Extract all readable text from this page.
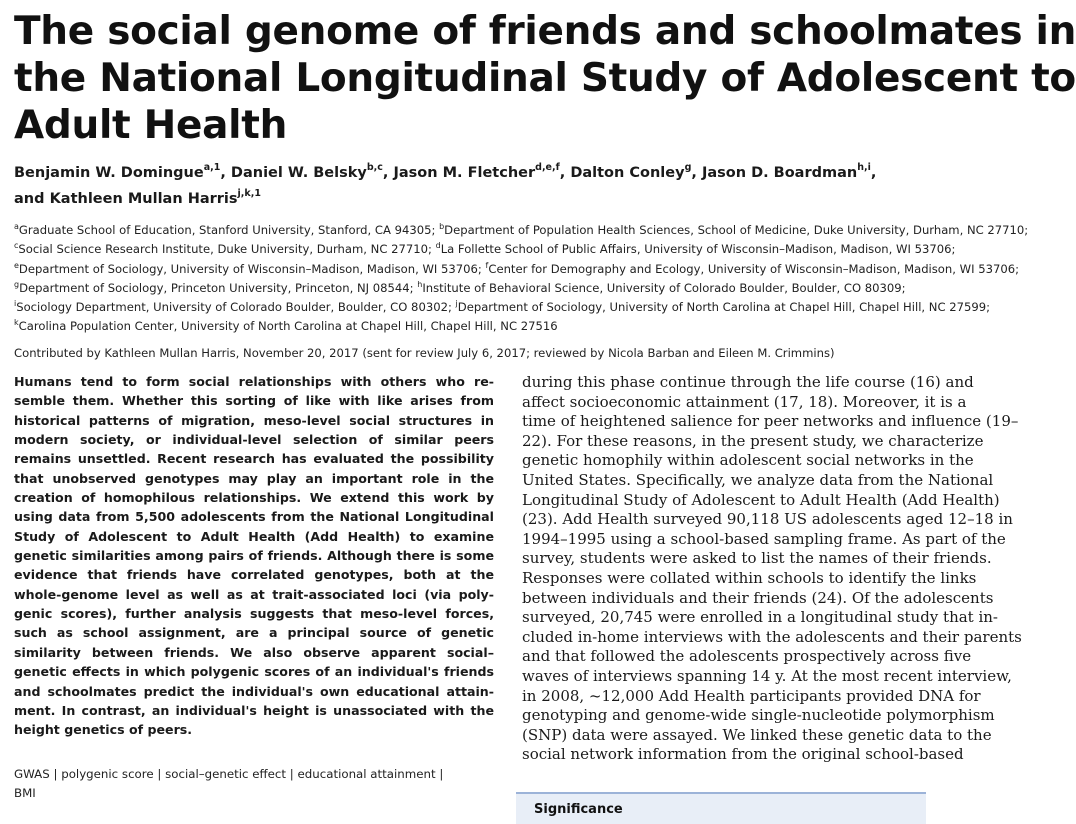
The social genome of friends and schoolmates in
the National Longitudinal Study of Adolescent to
Adult Health
Benjamin W. Domingue$^{a,1}$, Daniel W. Belsky$^{b,c}$, Jason M. Fletcher$^{d,e,f}$, Dalton Conley$^g$, Jason D. Boardman$^{h,i}$,
and Kathleen Mullan Harris$^{j,k,1}$
$^a$Graduate School of Education, Stanford University, Stanford, CA 94305; $^b$Department of Population Health Sciences, School of Medicine, Duke University, Durham, NC 27710;
$^c$Social Science Research Institute, Duke University, Durham, NC 27710; $^d$La Follette School of Public Affairs, University of Wisconsin–Madison, Madison, WI 53706;
$^e$Department of Sociology, University of Wisconsin–Madison, Madison, WI 53706; $^f$Center for Demography and Ecology, University of Wisconsin–Madison, Madison, WI 53706;
$^g$Department of Sociology, Princeton University, Princeton, NJ 08544; $^h$Institute of Behavioral Science, University of Colorado Boulder, Boulder, CO 80309;
$^i$Sociology Department, University of Colorado Boulder, Boulder, CO 80302; $^j$Department of Sociology, University of North Carolina at Chapel Hill, Chapel Hill, NC 27599;
$^k$Carolina Population Center, University of North Carolina at Chapel Hill, Chapel Hill, NC 27516

Contributed by Kathleen Mullan Harris, November 20, 2017 (sent for review July 6, 2017; reviewed by Nicola Barban and Eileen M. Crimmins)

Humans tend to form social relationships with others who re-
semble them. Whether this sorting of like with like arises from
historical patterns of migration, meso-level social structures in
modern society, or individual-level selection of similar peers
remains unsettled. Recent research has evaluated the possibility
that unobserved genotypes may play an important role in the
creation of homophilous relationships. We extend this work by
using data from 5,500 adolescents from the National Longitudinal
Study of Adolescent to Adult Health (Add Health) to examine
genetic similarities among pairs of friends. Although there is some
evidence that friends have correlated genotypes, both at the
whole-genome level as well as at trait-associated loci (via poly-
genic scores), further analysis suggests that meso-level forces,
such as school assignment, are a principal source of genetic
similarity between friends. We also observe apparent social–
genetic effects in which polygenic scores of an individual's friends
and schoolmates predict the individual's own educational attain-
ment. In contrast, an individual's height is unassociated with the
height genetics of peers.
GWAS | polygenic score | social–genetic effect | educational attainment |
BMI
during this phase continue through the life course (16) and
affect socioeconomic attainment (17, 18). Moreover, it is a
time of heightened salience for peer networks and influence (19–
22). For these reasons, in the present study, we characterize
genetic homophily within adolescent social networks in the
United States. Specifically, we analyze data from the National
Longitudinal Study of Adolescent to Adult Health (Add Health)
(23). Add Health surveyed 90,118 US adolescents aged 12–18 in
1994–1995 using a school-based sampling frame. As part of the
survey, students were asked to list the names of their friends.
Responses were collated within schools to identify the links
between individuals and their friends (24). Of the adolescents
surveyed, 20,745 were enrolled in a longitudinal study that in-
cluded in-home interviews with the adolescents and their parents
and that followed the adolescents prospectively across five
waves of interviews spanning 14 y. At the most recent interview,
in 2008, ~12,000 Add Health participants provided DNA for
genotyping and genome-wide single-nucleotide polymorphism
(SNP) data were assayed. We linked these genetic data to the
social network information from the original school-based
Significance
